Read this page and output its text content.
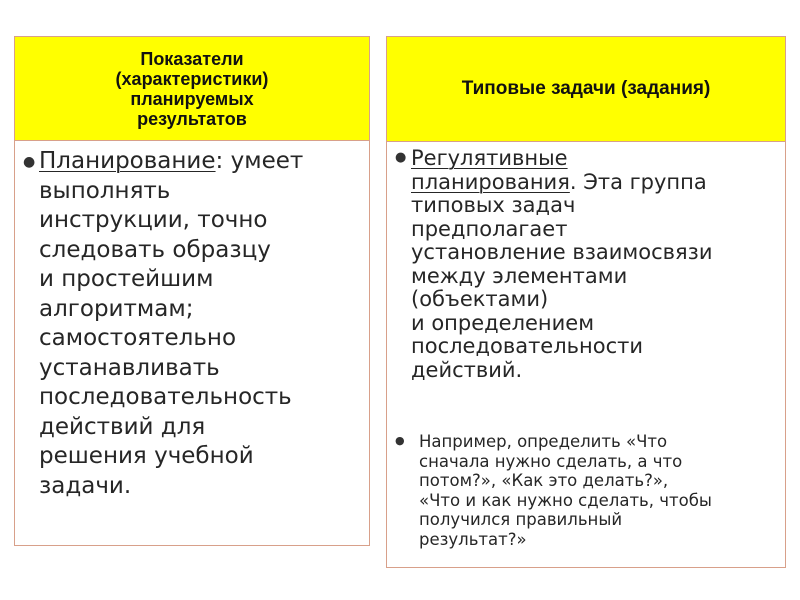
Показатели
(характеристики)
планируемых
результатов
● Планирование: умеет
выполнять
инструкции, точно
следовать образцу
и простейшим
алгоритмам;
самостоятельно
устанавливать
последовательность
действий для
решения учебной
задачи.
Типовые задачи (задания)
● Регулятивные
планирования. Эта группа
типовых задач
предполагает
установление взаимосвязи
между элементами
(объектами)
и определением
последовательности
действий.
● Например, определить «Что
сначала нужно сделать, а что
потом?», «Как это делать?»,
«Что и как нужно сделать, чтобы
получился правильный
результат?»
